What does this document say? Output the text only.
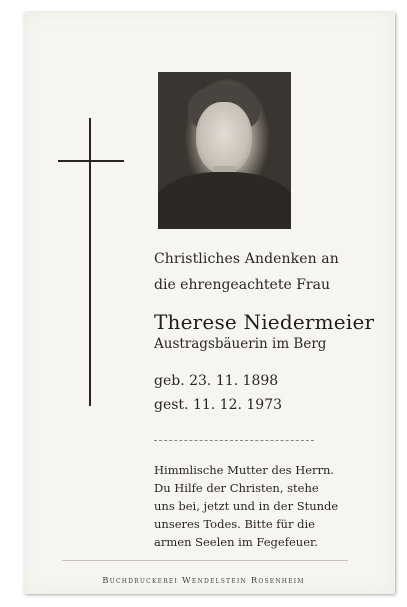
Christliches Andenken an

die ehrengeachtete Frau

Therese Niedermeier

Austragsbäuerin im Berg

geb. 23. 11. 1898

gest. 11. 12. 1973

Himmlische Mutter des Herrn.

Du Hilfe der Christen, stehe

uns bei, jetzt und in der Stunde

unseres Todes. Bitte für die

armen Seelen im Fegefeuer.

Buchdruckerei Wendelstein Rosenheim
